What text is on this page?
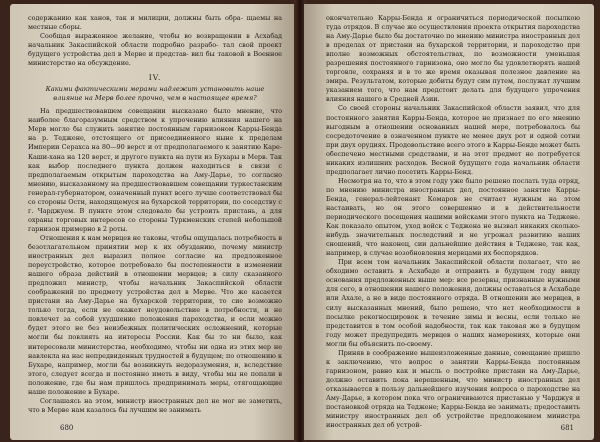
содержанию как ханов, так и милиции, должны быть обра- щаемы на местные сборы.

Сообщая выраженное желание, чтобы во возвращении в Асхабад начальник Закаспийской области подробно разрабо- тал свой проект будущего устройства дел в Мерве и представ- вил бы таковой в Военное министерство на обсуждение.

IV.
Какими фактическими мерами надлежит установить наше влияние на Мерв более прочно, чем в настоящее время?

На предшествовавшем совещании высказано было мнение, что наиболее благоразумным средством к упрочению влияния нашего на Мерв могло бы служить занятие постоянным гарнизоном Карры-Бенда на р. Теджене, отстоящего от присоединенного ныне к пределам Империи Серахса на 80—90 верст и от предполагаемого к занятию Каре-Каши-хана на 120 верст, и другого пункта на пути из Бухары в Мерв. Так как выбор последнего пункта должен находиться в связи с предполагаемым открытым пароходства на Аму-Дарье, то согласно мнению, высказанному на предшествовавшем совещании туркестанским генерал-губернатором, означенный пункт всего лучше соответствовал бы со стороны Ости, находящемуся на бухарской территории, по соседству с г. Чарджуем. В пункте этом следовало бы устроить пристань, а для охраны торговых интересов со стороны Туркменских степей небольшой гарнизон примерно в 2 роты.

Отношения к нам мервцев не таковы, чтобы ощущалась потребность в безотлагательном принятии мер к их обузданию, почему министр иностранных дел выразил полное согласие на предложенное переустройство, которое потребовало бы постепенности в изменении нашего образа действий в отношении мервцев; в силу сказанного предложил министр, чтобы начальник Закаспийской области соображений по предмету устройства дел в Мерве. Что же касается пристани на Аму-Дарье на бухарской территории, то сие возможно только тогда, если не окажет неудовольствие в потребности, и не повлечет за собой ухудшение положения пароходства, и если можно будет этого не без неизбежных политических осложнений, которые могли бы повлиять на интересы России. Как бы то ни было, как интересовали министерства, необходимо, чтобы ни одна из этих мер не навлекла на нас непредвиденных трудностей в будущем; по отношению к Бухаре, например, могли бы возникнуть недоразумения, и, вследствие этого, следует всегда и постоянно иметь в виду, чтобы мы не попали в положение, где бы нам пришлось предпринимать меры, отягощающие наше положение в Бухаре.

Соглашаясь на этом, министр иностранных дел не мог не заметить, что в Мерве нам казалось бы лучшим не занимать

680

окончательно Карры-Бенда и ограничиться периодической посылкою туда отрядов. В случае же осуществления проекта открытия пароходства на Аму-Дарье было бы достаточно по мнению министра иностранных дел в пределах от пристани на бухарской территории, и пароходство при вполне возможных обстоятельствах, по возможности уменьшая разрешения постоянного гарнизона, оно могло бы удовлетворять нашей торговле, сохраняя и в то же время оказывая полезное давление на эмира. Результатом, которые добиты будут сим путем, послужат лучшим указанием того, что нам предстоит делать для будущего упрочения влияния нашего в Средней Азии.

Со своей стороны начальник Закаспийской области заявил, что для постоянного занятия Карры-Бенда, которое не признает по его мнению выгодным в отношении основанных нашей мере, потребовалось бы сосредоточение в означенном пункте не менее двух рот и одной сотни при двух орудиях. Продовольствие всего этого в Карры-Бенде может быть обеспечено местными средствами, и на этот предмет не потребуется никаких излишних расходов. Весной будущего года начальник области предполагает лично посетить Карры-Бенд.

Несмотря на то, что в этом году уже было решено послать туда отряд, по мнению министра иностранных дел, постоянное занятие Карры-Бенда, генерал-лейтенант Комаров не считает нужным на этом настаивать, но он этого совершенно и в действительности периодического посещения нашими войсками этого пункта на Теджене. Как показало опытом, уход войск с Теджена не вызвал никаких сколько-нибудь значительных последствий и не угрожал развитию наших сношений, что наконец, сии дальнейшие действия в Теджене, так как, например, в случае возобновления мервцами их беспорядков.

При всем том начальник Закаспийской области полагает, что не обходимо оставить в Асхабаде и отправить в будущем году ввиду основания предложенных выше мер: все резервы, признанные нужными для сего, в отношении нашего положения, должны оставаться в Асхабаде или Ахале, а не в виде постоянного отряда. В отношении же мервцев, в силу высказанных мнений, было решено, что нет необходимости в посылке рекогносцировок в течение зимы и весны, если только не представится в том особой надобности, так как таковая же в будущем году может предупредить мервцев о наших намерениях, которые они могли бы объяснить по-своему.

Приняв в соображение вышеизложенные данные, совещание пришло к заключению, что вопрос о занятии Карры-Бенда постоянным гарнизоном, равно как и мысль о постройке пристани на Аму-Дарье, должно оставить пока нерешенным, что министр иностранных дел отказывается в пользу дальнейшего изучения вопроса о пароходстве на Аму-Дарье, в котором пока что ограничиваются пристанью у Чарджуя и постановкой отряда на Теджене; Карры-Бенда не занимать; предоставить министру иностранных дел об устройстве предложением министра иностранных дел об устрой-	681
